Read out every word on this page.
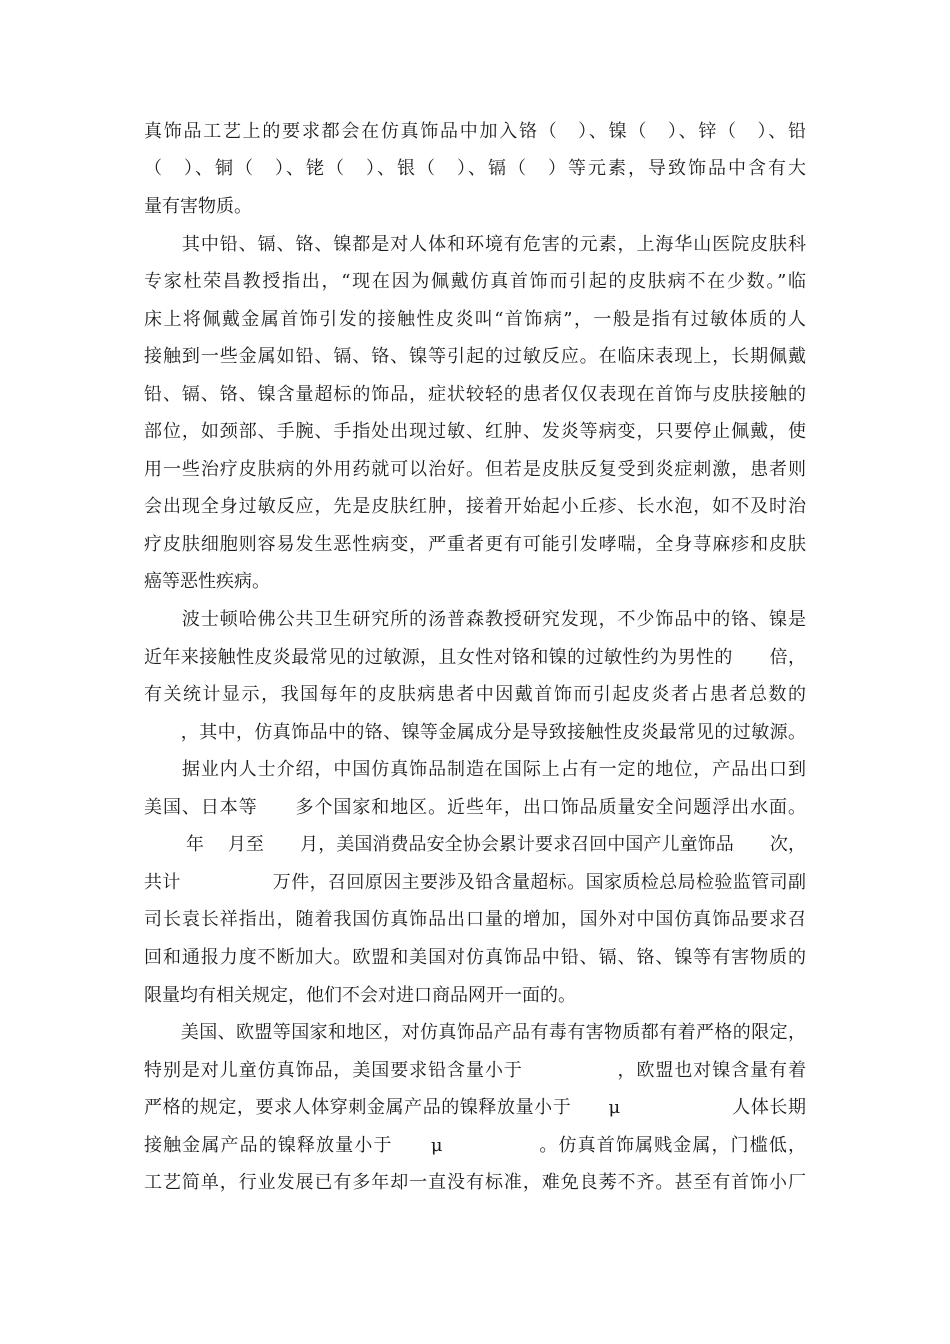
真饰品工艺上的要求都会在仿真饰品中加入铬（　）、镍（　）、锌（　）、铅
（　）、铜（　）、铑（　）、银（　）、镉（　）等元素，导致饰品中含有大
量有害物质。
　　其中铅、镉、铬、镍都是对人体和环境有危害的元素，上海华山医院皮肤科
专家杜荣昌教授指出，“现在因为佩戴仿真首饰而引起的皮肤病不在少数。”临
床上将佩戴金属首饰引发的接触性皮炎叫“首饰病”，一般是指有过敏体质的人
接触到一些金属如铅、镉、铬、镍等引起的过敏反应。在临床表现上，长期佩戴
铅、镉、铬、镍含量超标的饰品，症状较轻的患者仅仅表现在首饰与皮肤接触的
部位，如颈部、手腕、手指处出现过敏、红肿、发炎等病变，只要停止佩戴，使
用一些治疗皮肤病的外用药就可以治好。但若是皮肤反复受到炎症刺激，患者则
会出现全身过敏反应，先是皮肤红肿，接着开始起小丘疹、长水泡，如不及时治
疗皮肤细胞则容易发生恶性病变，严重者更有可能引发哮喘，全身荨麻疹和皮肤
癌等恶性疾病。
　　波士顿哈佛公共卫生研究所的汤普森教授研究发现，不少饰品中的铬、镍是
近年来接触性皮炎最常见的过敏源，且女性对铬和镍的过敏性约为男性的　　倍，
有关统计显示，我国每年的皮肤病患者中因戴首饰而引起皮炎者占患者总数的
　　，其中，仿真饰品中的铬、镍等金属成分是导致接触性皮炎最常见的过敏源。
　　据业内人士介绍，中国仿真饰品制造在国际上占有一定的地位，产品出口到
美国、日本等　　多个国家和地区。近些年，出口饰品质量安全问题浮出水面。
　　 年　 月至　　月，美国消费品安全协会累计要求召回中国产儿童饰品　　次，
共计　　　　　万件，召回原因主要涉及铅含量超标。国家质检总局检验监管司副
司长袁长祥指出，随着我国仿真饰品出口量的增加，国外对中国仿真饰品要求召
回和通报力度不断加大。欧盟和美国对仿真饰品中铅、镉、铬、镍等有害物质的
限量均有相关规定，他们不会对进口商品网开一面的。
　　美国、欧盟等国家和地区，对仿真饰品产品有毒有害物质都有着严格的限定，
特别是对儿童仿真饰品，美国要求铅含量小于　　　　　，欧盟也对镍含量有着
严格的规定，要求人体穿刺金属产品的镍释放量小于　　μ　　　　　　人体长期
接触金属产品的镍释放量小于　　μ　　　　　。仿真首饰属贱金属，门槛低，
工艺简单，行业发展已有多年却一直没有标准，难免良莠不齐。甚至有首饰小厂
